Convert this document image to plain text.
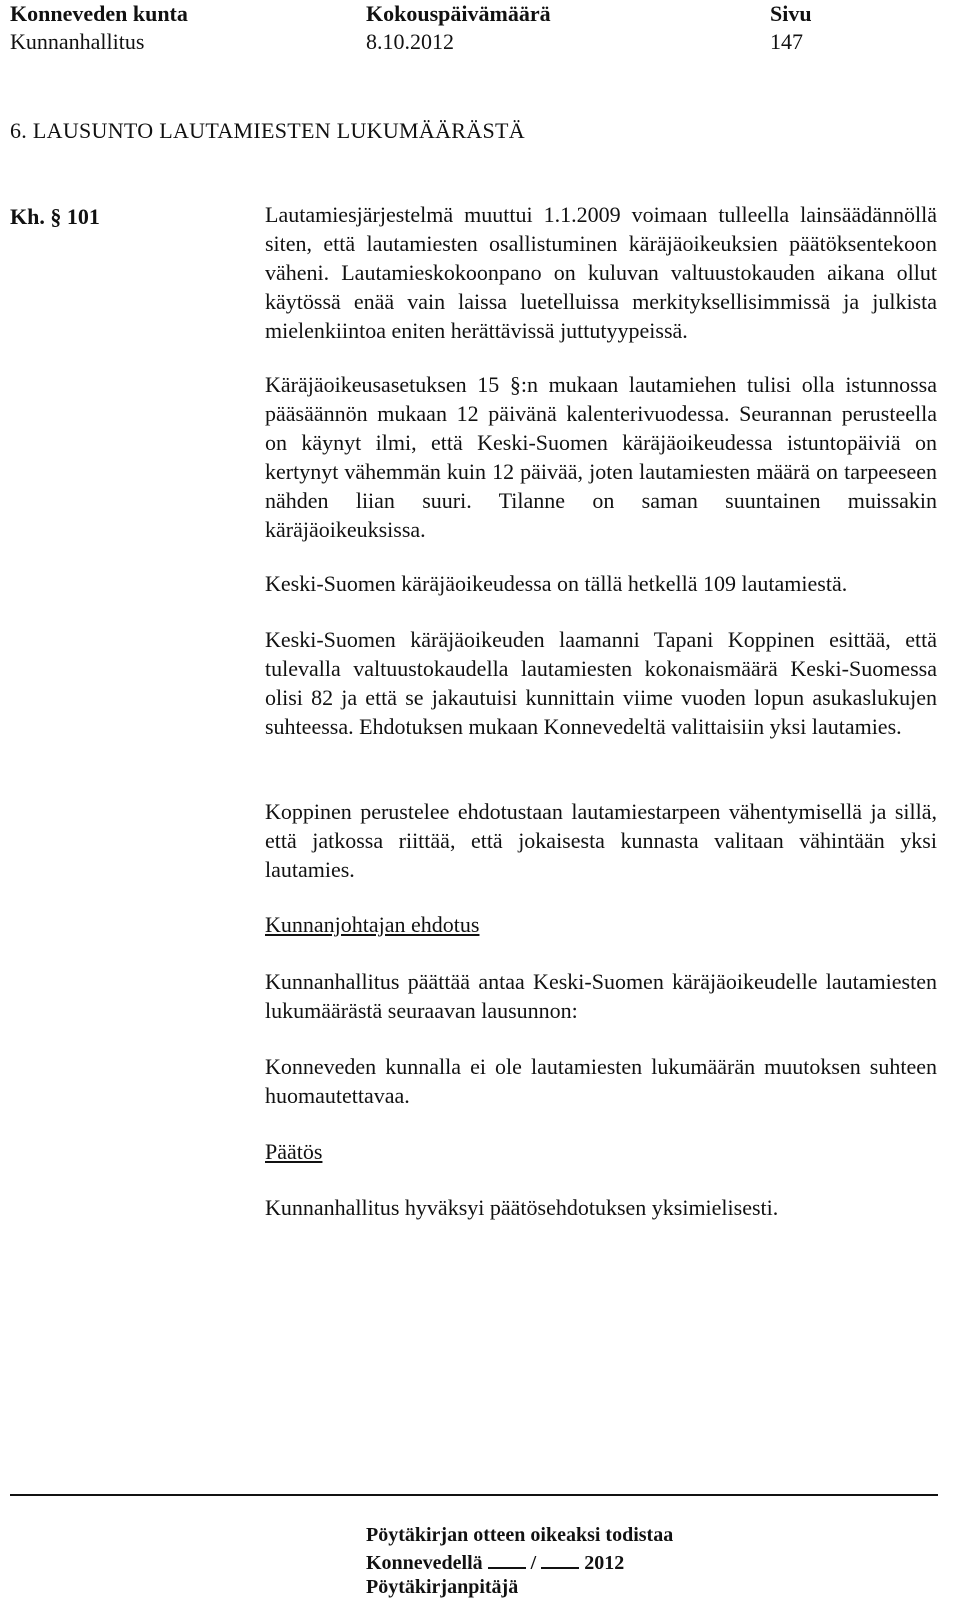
Konneveden kunta
Kunnanhallitus
Kokouspäivämäärä
8.10.2012
Sivu
147
6. LAUSUNTO LAUTAMIESTEN LUKUMÄÄRÄSTÄ
Kh. § 101	Lautamiesjärjestelmä muuttui 1.1.2009 voimaan tulleella lainsäädännöllä siten, että lautamiesten osallistuminen käräjäoikeuksien päätöksentekoon väheni. Lautamieskokoonpano on kuluvan valtuustokauden aikana ollut käytössä enää vain laissa luetelluissa merkityksellisimmissä ja julkista mielenkiintoa eniten herättävissä juttutyypeissä.

Käräjäoikeusasetuksen 15 §:n mukaan lautamiehen tulisi olla istunnossa pääsäännön mukaan 12 päivänä kalenterivuodessa. Seurannan perusteella on käynyt ilmi, että Keski-Suomen käräjäoikeudessa istuntopäiviä on kertynyt vähemmän kuin 12 päivää, joten lautamiesten määrä on tarpeeseen nähden liian suuri. Tilanne on saman suuntainen muissakin käräjäoikeuksissa.

Keski-Suomen käräjäoikeudessa on tällä hetkellä 109 lautamiestä.

Keski-Suomen käräjäoikeuden laamanni Tapani Koppinen esittää, että tulevalla valtuustokaudella lautamiesten kokonaismäärä Keski-Suomessa olisi 82 ja että se jakautuisi kunnittain viime vuoden lopun asukaslukujen suhteessa. Ehdotuksen mukaan Konnevedeltä valittaisiin yksi lautamies.

Koppinen perustelee ehdotustaan lautamiestarpeen vähentymisellä ja sillä, että jatkossa riittää, että jokaisesta kunnasta valitaan vähintään yksi lautamies.

Kunnanjohtajan ehdotus

Kunnanhallitus päättää antaa Keski-Suomen käräjäoikeudelle lautamiesten lukumäärästä seuraavan lausunnon:

Konneveden kunnalla ei ole lautamiesten lukumäärän muutoksen suhteen huomautettavaa.

Päätös

Kunnanhallitus hyväksyi päätösehdotuksen yksimielisesti.

Pöytäkirjan otteen oikeaksi todistaa
Konnevedellä / 2012
Pöytäkirjanpitäjä
